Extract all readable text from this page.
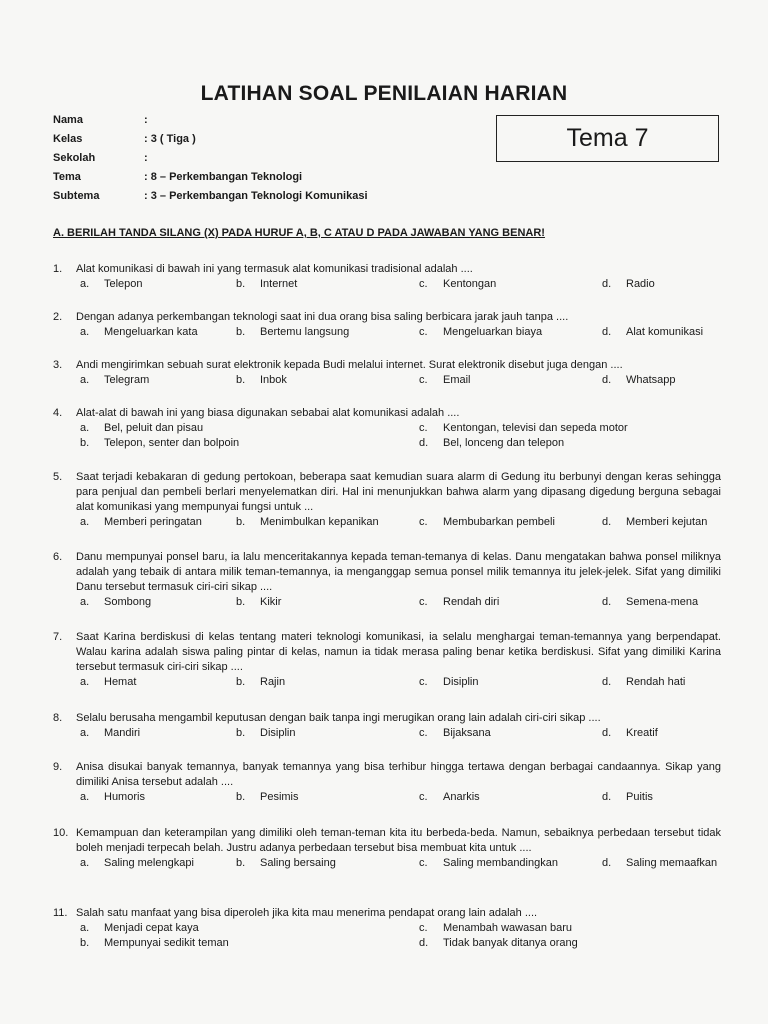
LATIHAN SOAL PENILAIAN HARIAN
Nama	:
Kelas	: 3 ( Tiga )
Sekolah	:
Tema	: 8 – Perkembangan Teknologi
Subtema	: 3 – Perkembangan Teknologi Komunikasi
Tema 7
A. BERILAH TANDA SILANG (X) PADA HURUF A, B, C ATAU D PADA JAWABAN YANG BENAR!
1. Alat komunikasi di bawah ini yang termasuk alat komunikasi tradisional adalah ....
a. Telepon	b. Internet	c. Kentongan	d. Radio
2. Dengan adanya perkembangan teknologi saat ini dua orang bisa saling berbicara jarak jauh tanpa ....
a. Mengeluarkan kata	b. Bertemu langsung	c. Mengeluarkan biaya	d. Alat komunikasi
3. Andi mengirimkan sebuah surat elektronik kepada Budi melalui internet. Surat elektronik disebut juga dengan ....
a. Telegram	b. Inbok	c. Email	d. Whatsapp
4. Alat-alat di bawah ini yang biasa digunakan sebabai alat komunikasi adalah ....
a. Bel, peluit dan pisau	c. Kentongan, televisi dan sepeda motor
b. Telepon, senter dan bolpoin	d. Bel, lonceng dan telepon
5. Saat terjadi kebakaran di gedung pertokoan, beberapa saat kemudian suara alarm di Gedung itu berbunyi dengan keras sehingga para penjual dan pembeli berlari menyelematkan diri. Hal ini menunjukkan bahwa alarm yang dipasang digedung berguna sebagai alat komunikasi yang mempunyai fungsi untuk ...
a. Memberi peringatan	b. Menimbulkan kepanikan	c. Membubarkan pembeli	d. Memberi kejutan
6. Danu mempunyai ponsel baru, ia lalu menceritakannya kepada teman-temanya di kelas. Danu mengatakan bahwa ponsel miliknya adalah yang tebaik di antara milik teman-temannya, ia menganggap semua ponsel milik temannya itu jelek-jelek. Sifat yang dimiliki Danu tersebut termasuk ciri-ciri sikap ....
a. Sombong	b. Kikir	c. Rendah diri	d. Semena-mena
7. Saat Karina berdiskusi di kelas tentang materi teknologi komunikasi, ia selalu menghargai teman-temannya yang berpendapat. Walau karina adalah siswa paling pintar di kelas, namun ia tidak merasa paling benar ketika berdiskusi. Sifat yang dimiliki Karina tersebut termasuk ciri-ciri sikap ....
a. Hemat	b. Rajin	c. Disiplin	d. Rendah hati
8. Selalu berusaha mengambil keputusan dengan baik tanpa ingi merugikan orang lain adalah ciri-ciri sikap ....
a. Mandiri	b. Disiplin	c. Bijaksana	d. Kreatif
9. Anisa disukai banyak temannya, banyak temannya yang bisa terhibur hingga tertawa dengan berbagai candaannya. Sikap yang dimiliki Anisa tersebut adalah ....
a. Humoris	b. Pesimis	c. Anarkis	d. Puitis
10. Kemampuan dan keterampilan yang dimiliki oleh teman-teman kita itu berbeda-beda. Namun, sebaiknya perbedaan tersebut tidak boleh menjadi terpecah belah. Justru adanya perbedaan tersebut bisa membuat kita untuk ....
a. Saling melengkapi	b. Saling bersaing	c. Saling membandingkan	d. Saling memaafkan
11. Salah satu manfaat yang bisa diperoleh jika kita mau menerima pendapat orang lain adalah ....
a. Menjadi cepat kaya	c. Menambah wawasan baru
b. Mempunyai sedikit teman	d. Tidak banyak ditanya orang
